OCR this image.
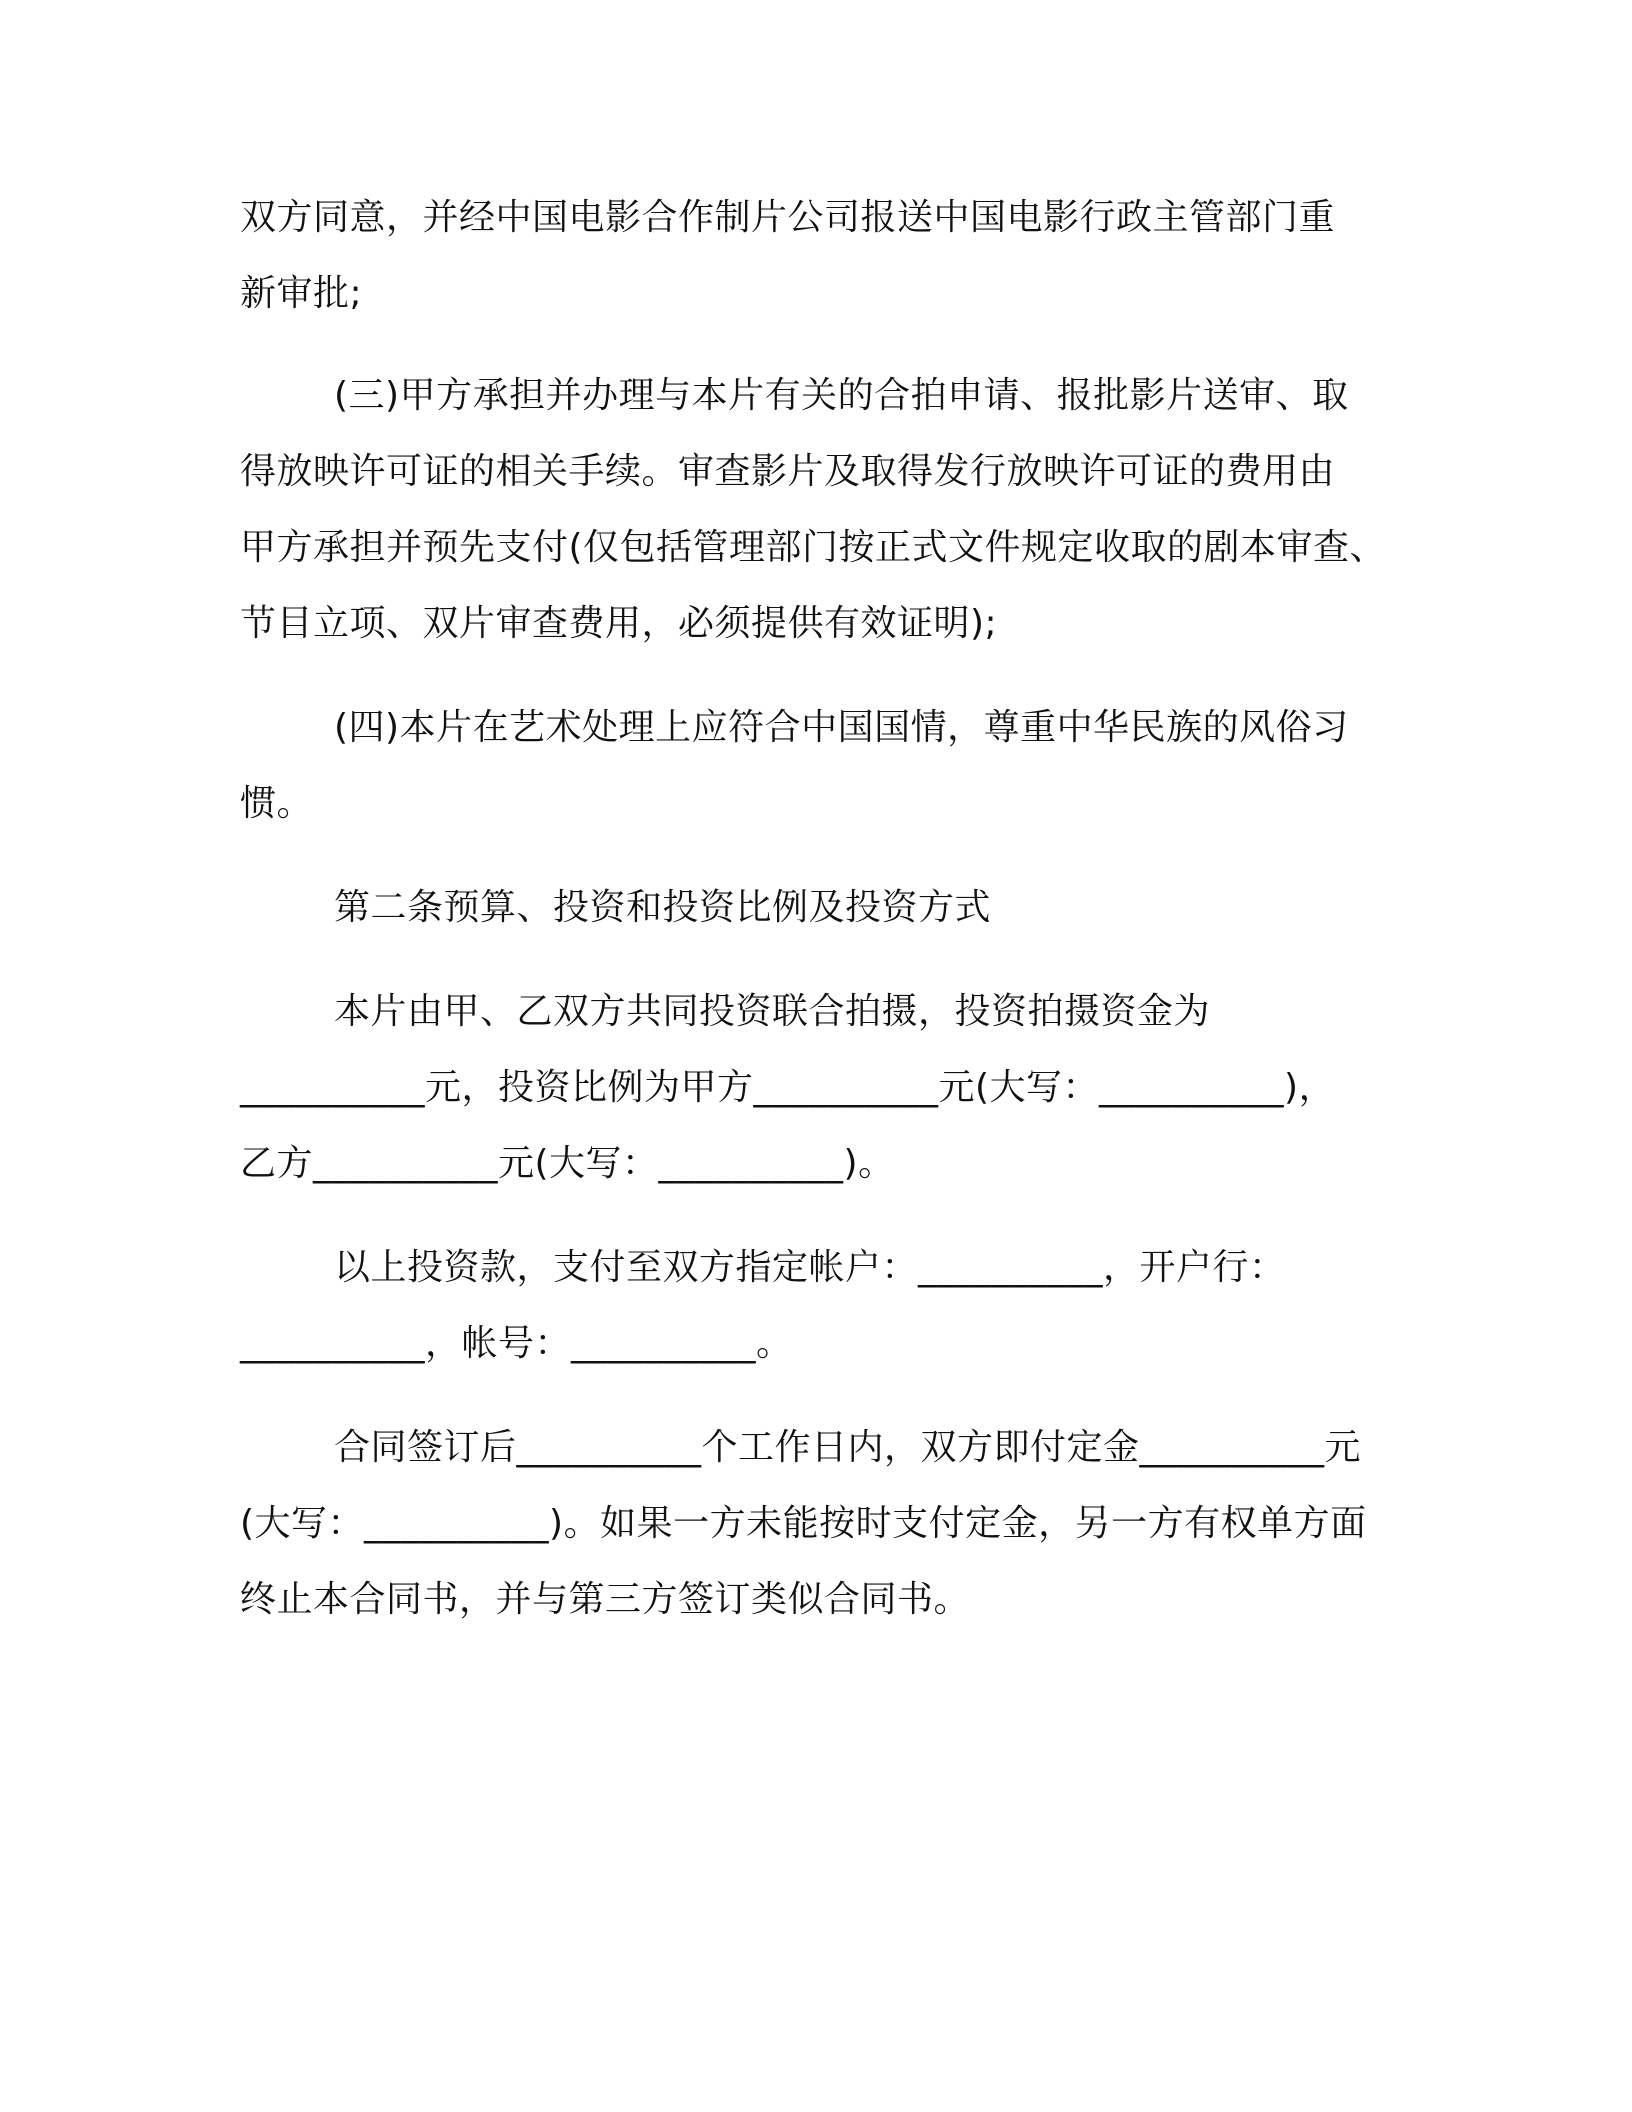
双方同意，并经中国电影合作制片公司报送中国电影行政主管部门重
新审批;
(三)甲方承担并办理与本片有关的合拍申请、报批影片送审、取
得放映许可证的相关手续。审查影片及取得发行放映许可证的费用由
甲方承担并预先支付(仅包括管理部门按正式文件规定收取的剧本审查、
节目立项、双片审查费用，必须提供有效证明);
(四)本片在艺术处理上应符合中国国情，尊重中华民族的风俗习
惯。
第二条预算、投资和投资比例及投资方式
本片由甲、乙双方共同投资联合拍摄，投资拍摄资金为
__________元，投资比例为甲方__________元(大写：__________)，
乙方__________元(大写：__________)。
以上投资款，支付至双方指定帐户：__________，开户行：
__________，帐号：__________。
合同签订后__________个工作日内，双方即付定金__________元
(大写：__________)。如果一方未能按时支付定金，另一方有权单方面
终止本合同书，并与第三方签订类似合同书。
